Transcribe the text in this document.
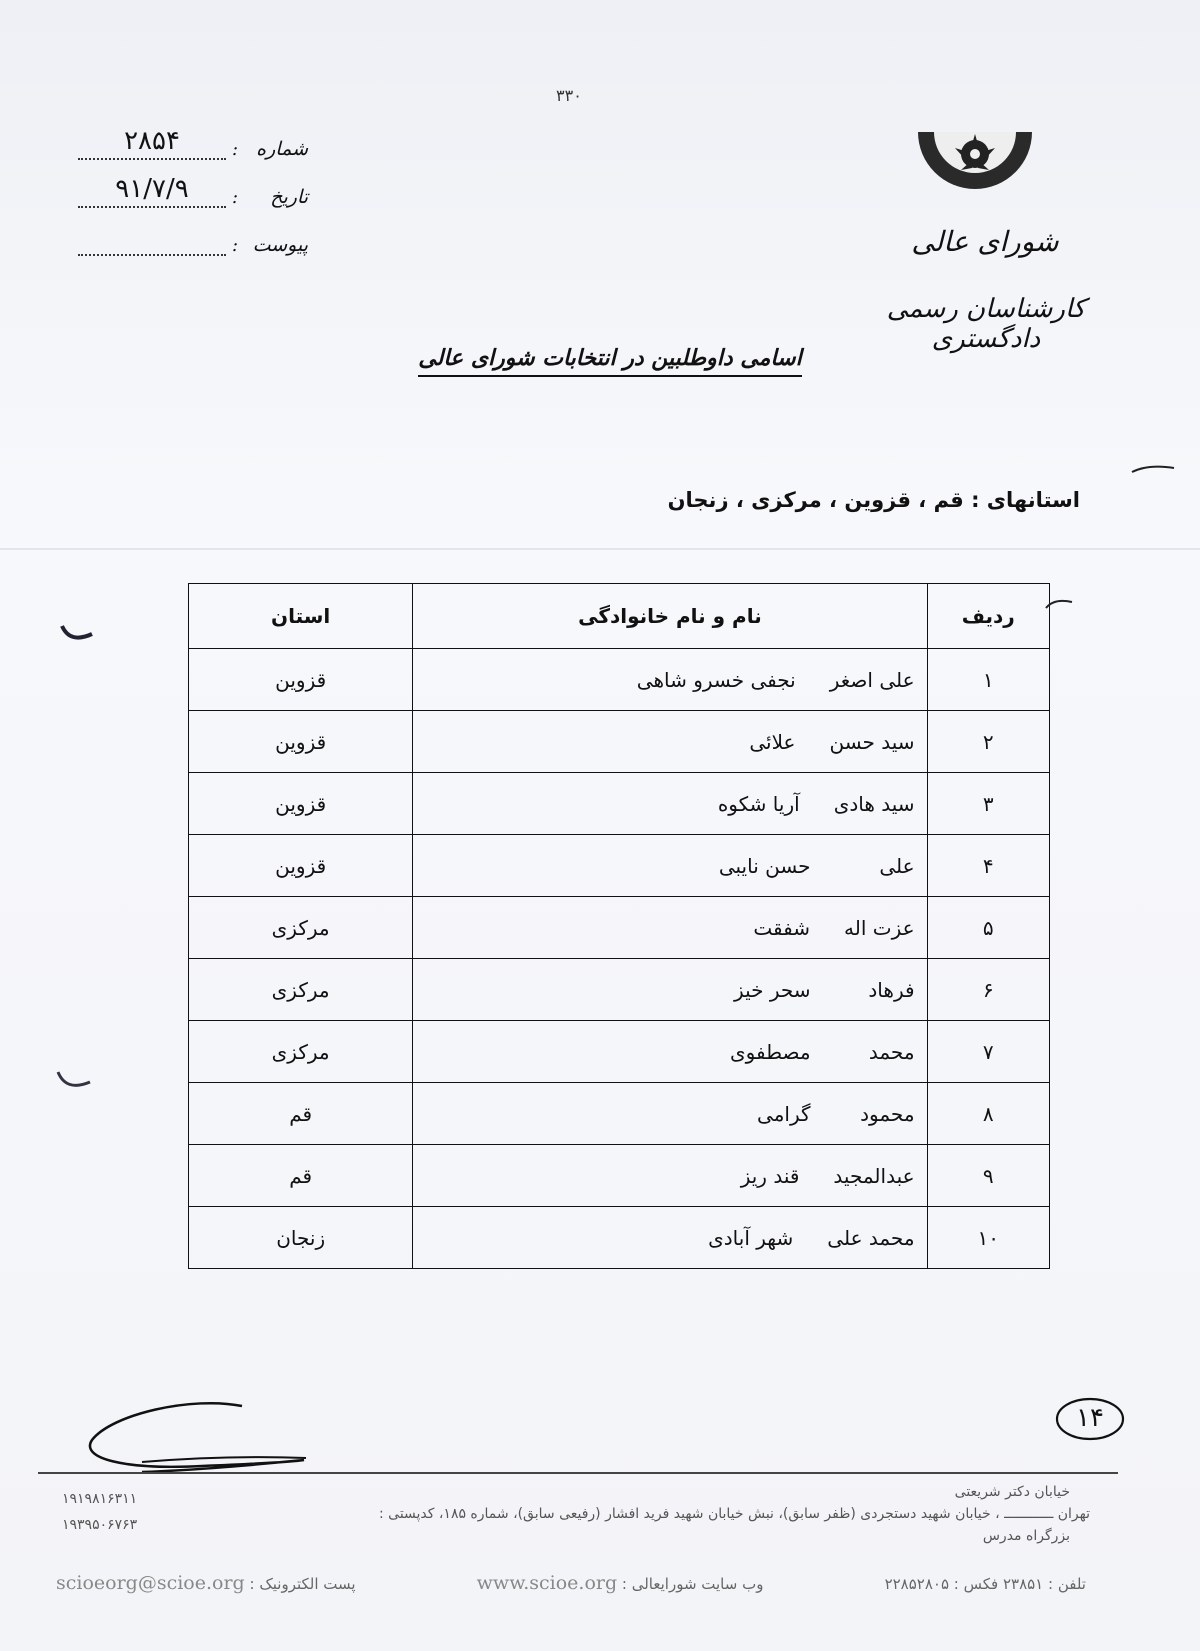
۳۳۰
شماره
:
۲۸۵۴
تاریخ
:
۹۱/۷/۹
پیوست
:	شورای عالی
کارشناسان رسمی دادگستری
اسامی داوطلبین در انتخابات شورای عالی
استانهای : قم ، قزوین ، مرکزی ، زنجان
ردیف	نام و نام خانوادگی	استان
۱	علی اصغرنجفی خسرو شاهی	قزوین
۲	سید حسنعلائی	قزوین
۳	سید هادیآریا شکوه	قزوین
۴	علیحسن نایبی	قزوین
۵	عزت الهشفقت	مرکزی
۶	فرهادسحر خیز	مرکزی
۷	محمدمصطفوی	مرکزی
۸	محمودگرامی	قم
۹	عبدالمجیدقند ریز	قم
۱۰	محمد علیشهر آبادی	زنجان
۱۴
خیابان دکتر شریعتی
تهران ــــــــــــ ، خیابان شهید دستجردی (ظفر سابق)، نبش خیابان شهید فرید افشار (رفیعی سابق)، شماره ۱۸۵، کدپستی :
بزرگراه مدرس
۱۹۱۹۸۱۶۳۱۱
۱۹۳۹۵۰۶۷۶۳
تلفن : ۲۳۸۵۱ فکس : ۲۲۸۵۲۸۰۵
وب سایت شورایعالی : www.scioe.org
پست الکترونیک : scioeorg@scioe.org
